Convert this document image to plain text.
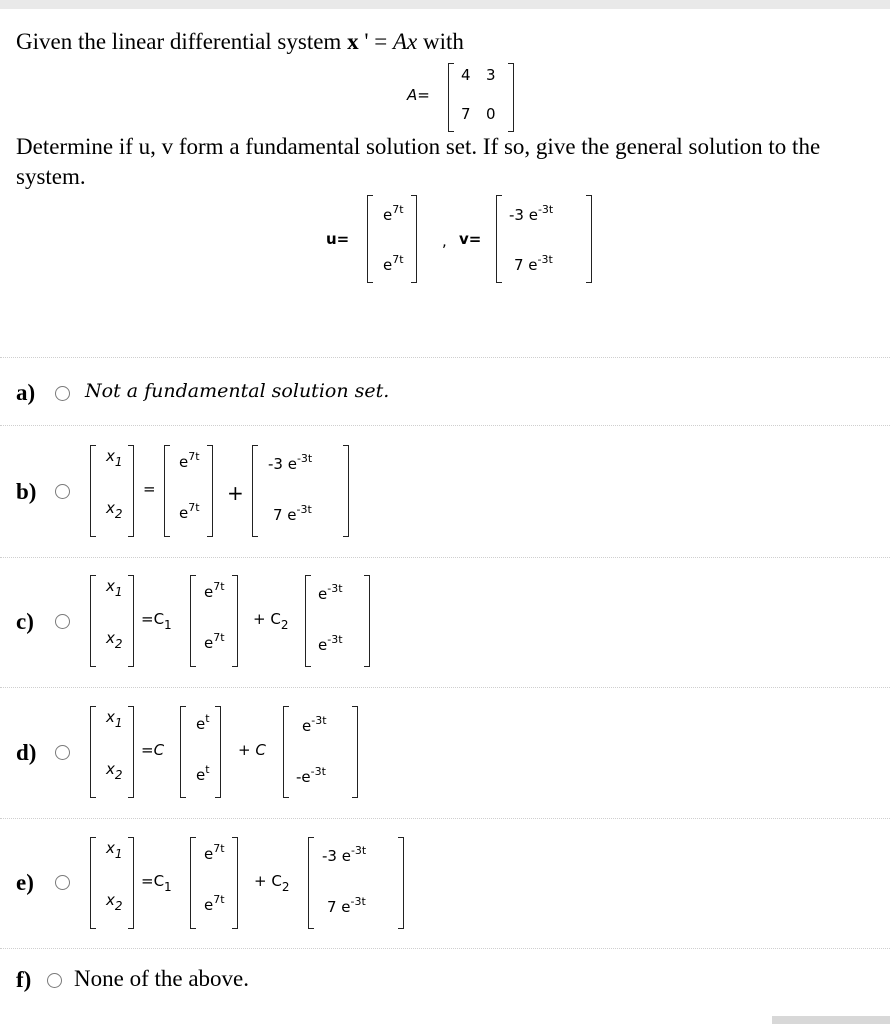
Given the linear differential system x ' = Ax with
A=
4 3
7 0
Determine if u, v form a fundamental solution set. If so, give the general solution to the
system.
u=
$e^{7t}$
$e^{7t}$
, v=
-3 $e^{-3t}$
7 $e^{-3t}$
a)	Not a fundamental solution set.
b)
$x_1$
$x_2$
=
$e^{7t}$
$e^{7t}$
+
-3 $e^{-3t}$
7 $e^{-3t}$
c)
$x_1$
$x_2$
$=C_1$
$e^{7t}$
$e^{7t}$
+ $C_2$
$e^{-3t}$
$e^{-3t}$
d)
$x_1$
$x_2$
=C
$e^t$
$e^t$
+ C
$e^{-3t}$
$-e^{-3t}$
e)
$x_1$
$x_2$
$=C_1$
$e^{7t}$
$e^{7t}$
+ $C_2$
-3 $e^{-3t}$
7 $e^{-3t}$
f) None of the above.
